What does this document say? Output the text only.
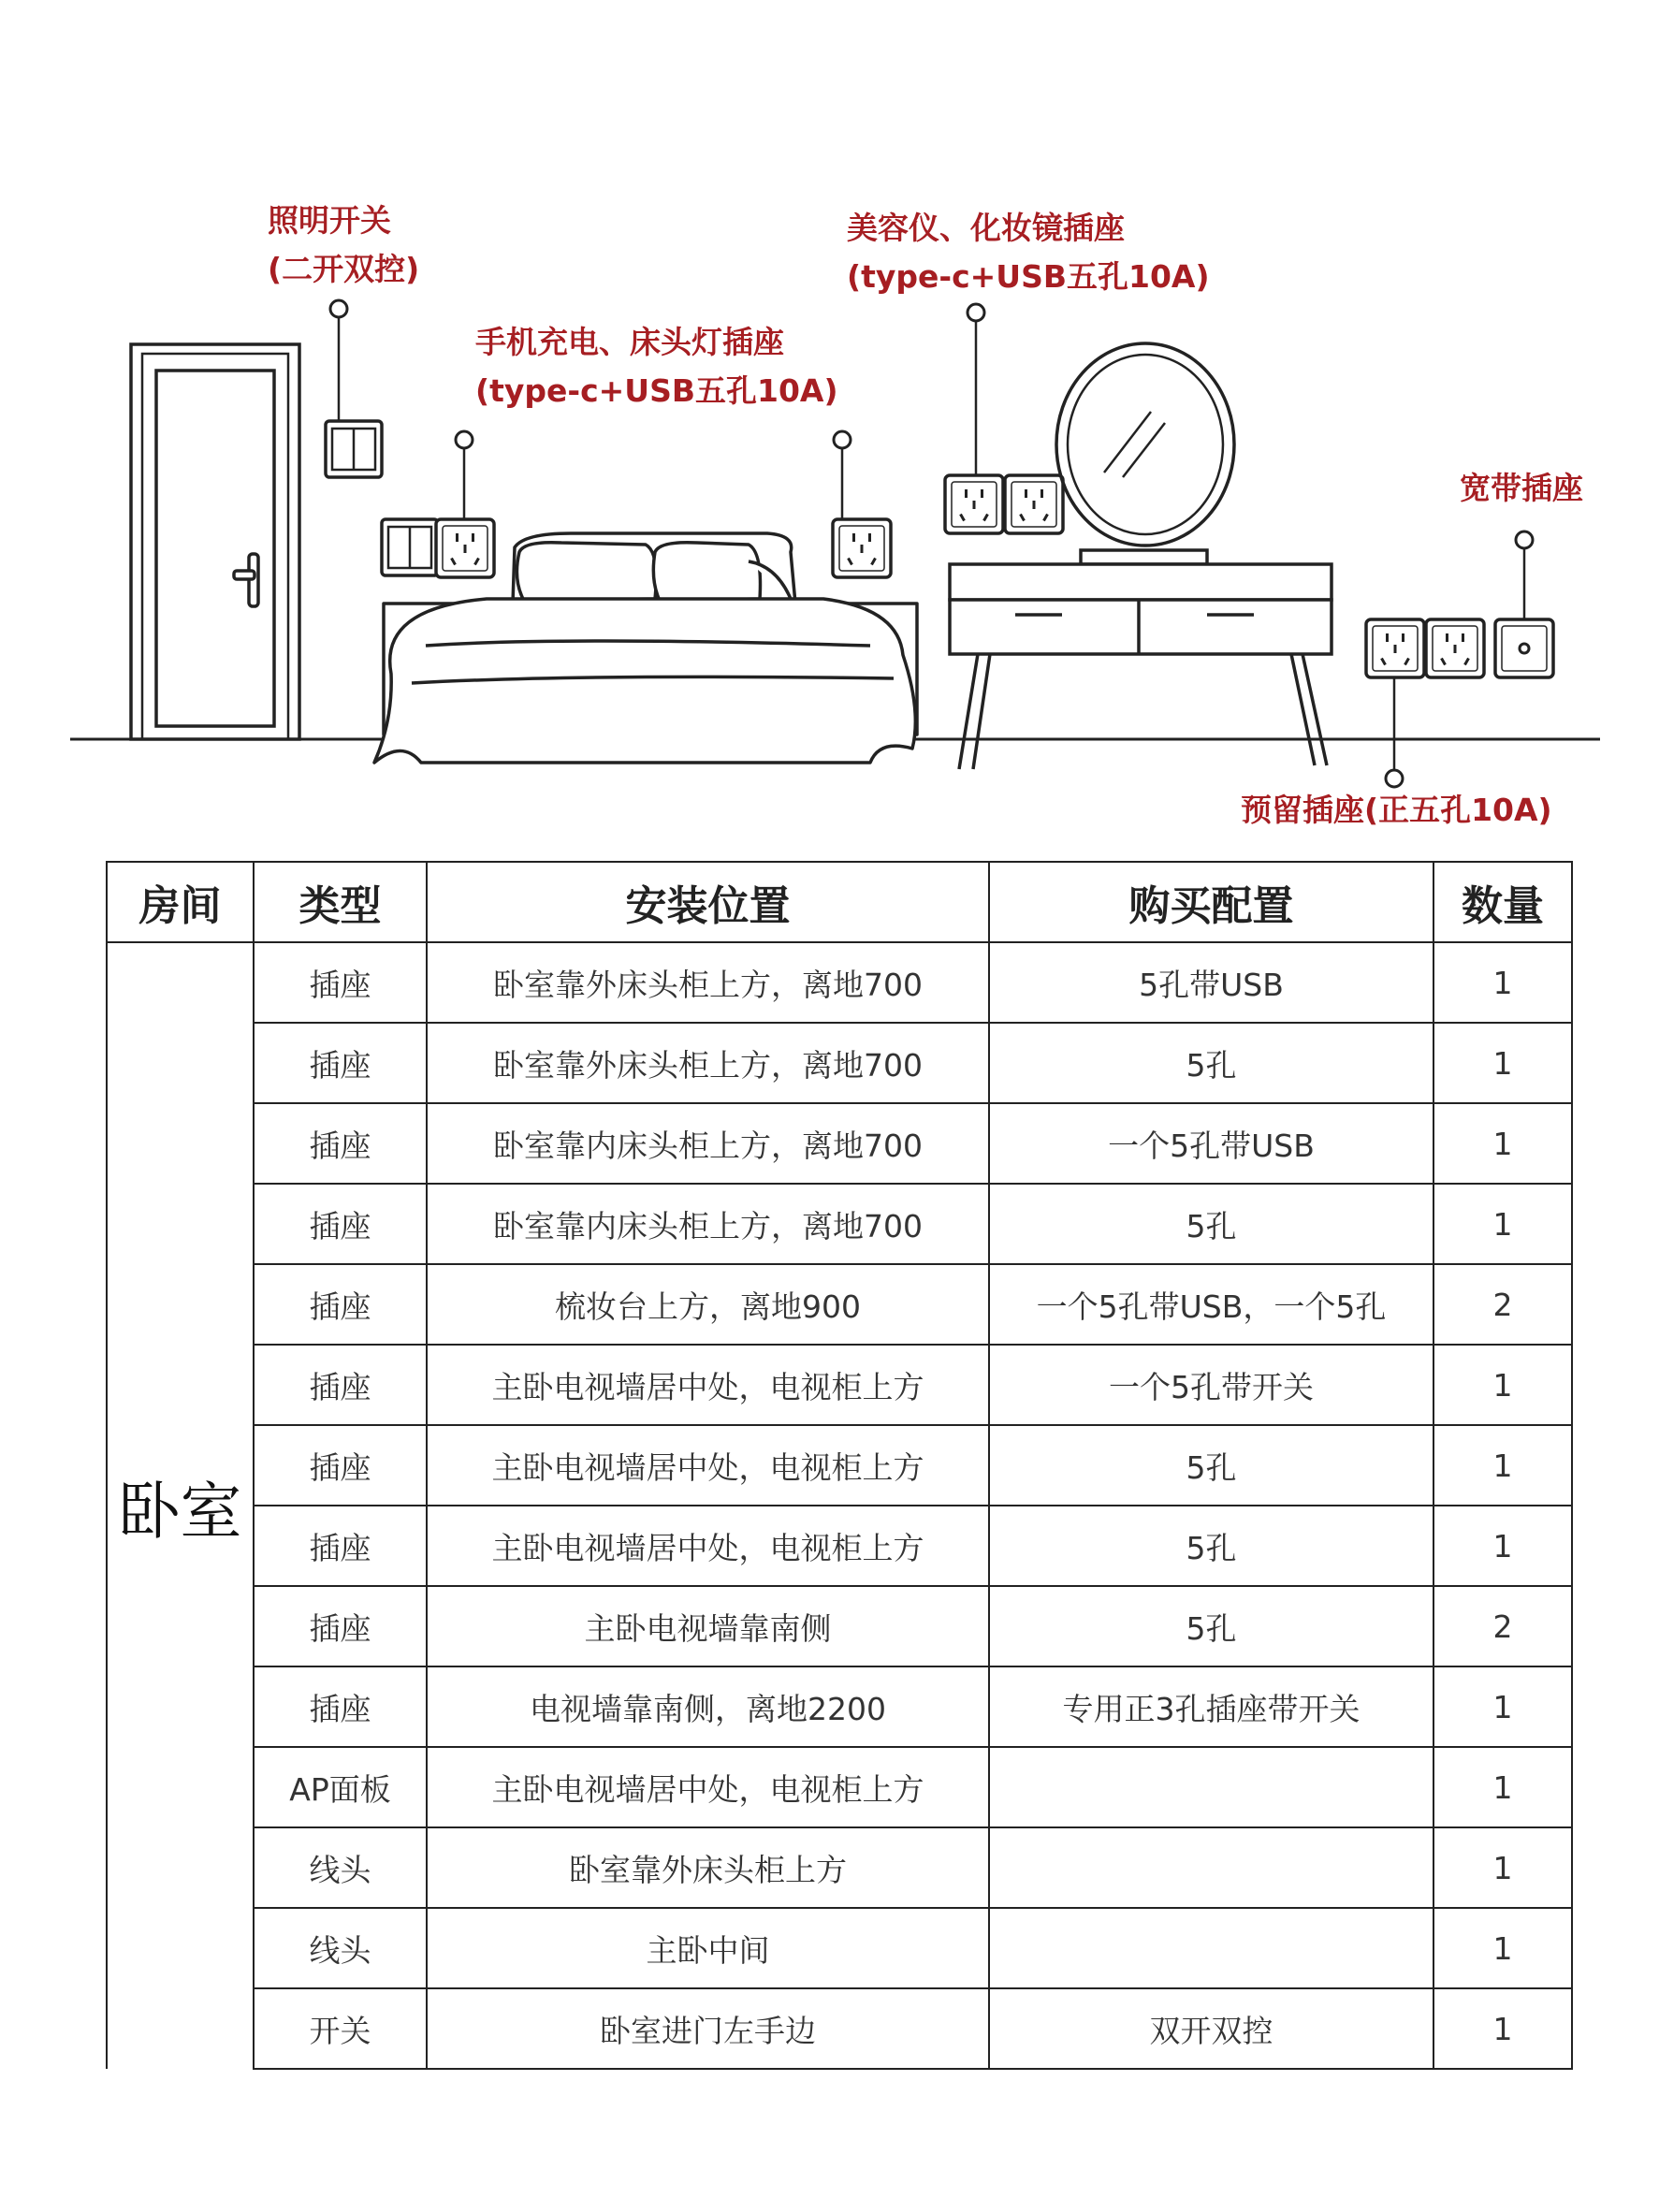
照明开关
(二开双控)
手机充电、床头灯插座
(type-c+USB五孔10A)
美容仪、化妆镜插座
(type-c+USB五孔10A)
宽带插座
预留插座(正五孔10A)
房间	类型	安装位置	购买配置	数量
卧室	插座	卧室靠外床头柜上方，离地700	5孔带USB	1
	插座	卧室靠外床头柜上方，离地700	5孔	1
	插座	卧室靠内床头柜上方，离地700	一个5孔带USB	1
	插座	卧室靠内床头柜上方，离地700	5孔	1
	插座	梳妆台上方，离地900	一个5孔带USB，一个5孔	2
	插座	主卧电视墙居中处，电视柜上方	一个5孔带开关	1
	插座	主卧电视墙居中处，电视柜上方	5孔	1
	插座	主卧电视墙居中处，电视柜上方	5孔	1
	插座	主卧电视墙靠南侧	5孔	2
	插座	电视墙靠南侧，离地2200	专用正3孔插座带开关	1
	AP面板	主卧电视墙居中处，电视柜上方		1
	线头	卧室靠外床头柜上方		1
	线头	主卧中间		1
	开关	卧室进门左手边	双开双控	1
